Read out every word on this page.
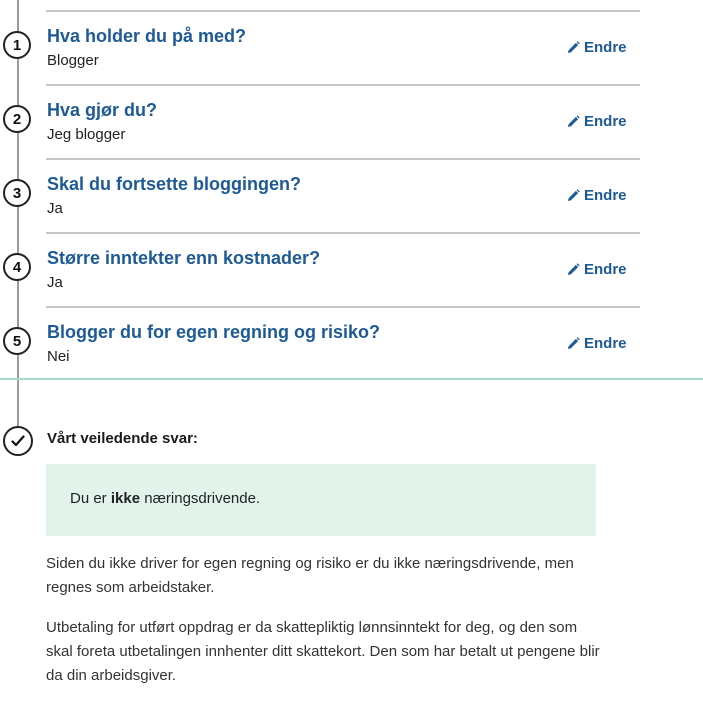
1	Hva holder du på med?
Blogger
Endre
2	Hva gjør du?
Jeg blogger
Endre
3	Skal du fortsette bloggingen?
Ja
Endre
4	Større inntekter enn kostnader?
Ja
Endre
5	Blogger du for egen regning og risiko?
Nei
Endre
Vårt veiledende svar:
Du er ikke næringsdrivende.
Siden du ikke driver for egen regning og risiko er du ikke næringsdrivende, men regnes som arbeidstaker.
Utbetaling for utført oppdrag er da skattepliktig lønnsinntekt for deg, og den som skal foreta utbetalingen innhenter ditt skattekort. Den som har betalt ut pengene blir da din arbeidsgiver.
